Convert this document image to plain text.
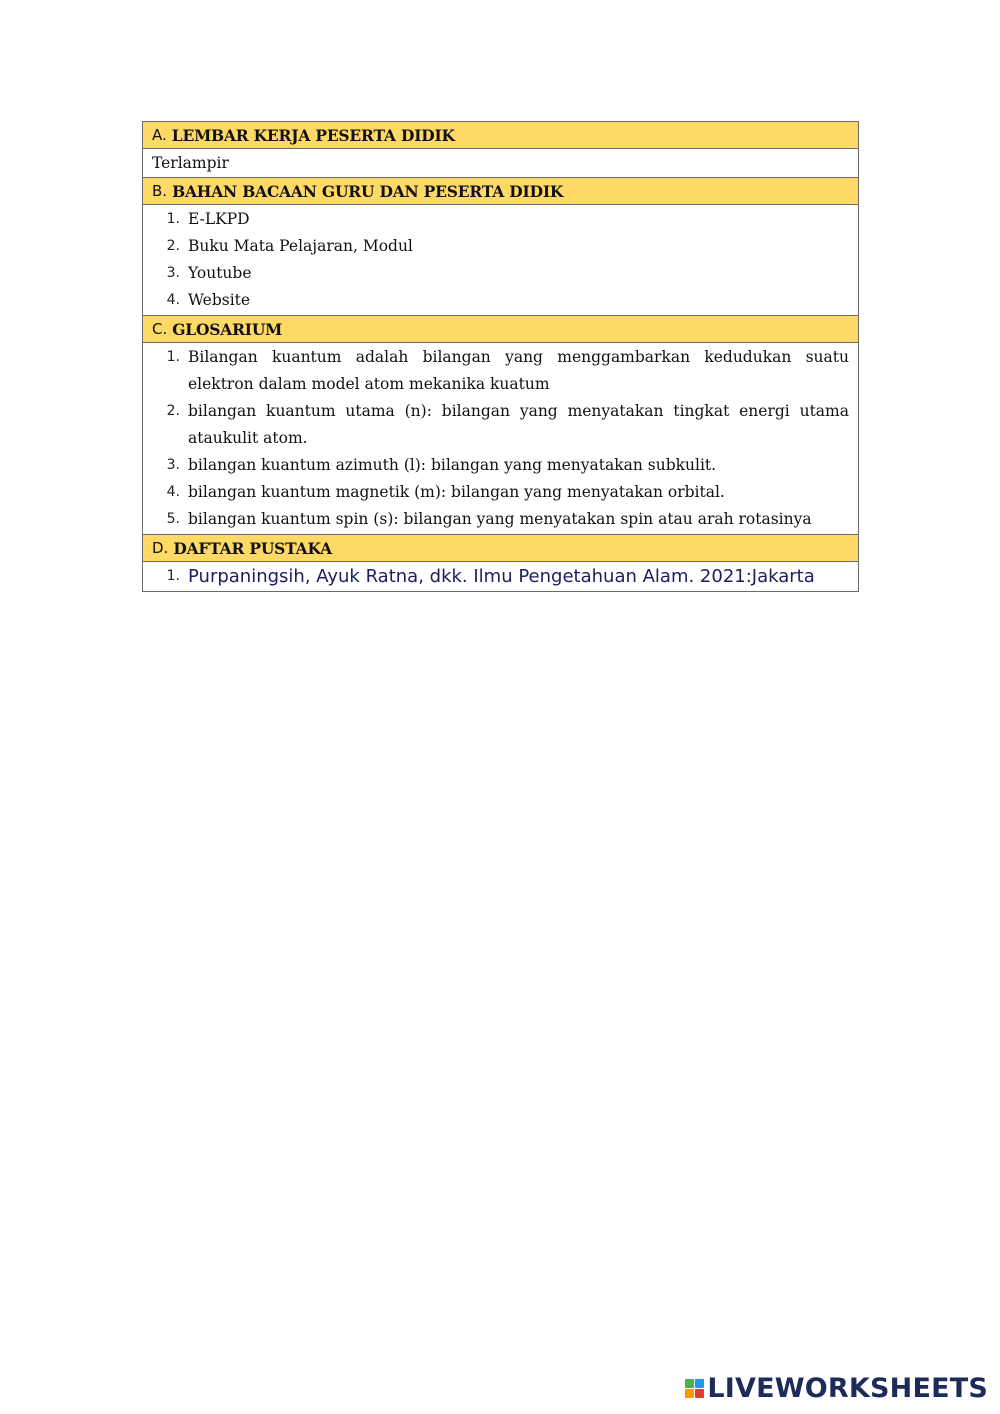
A. LEMBAR KERJA PESERTA DIDIK
Terlampir
B. BAHAN BACAAN GURU DAN PESERTA DIDIK
1. E-LKPD
2. Buku Mata Pelajaran, Modul
3. Youtube
4. Website
C. GLOSARIUM
1. Bilangan kuantum adalah bilangan yang menggambarkan kedudukan suatu elektron dalam model atom mekanika kuatum
2. bilangan kuantum utama (n): bilangan yang menyatakan tingkat energi utama ataukulit atom.
3. bilangan kuantum azimuth (l): bilangan yang menyatakan subkulit.
4. bilangan kuantum magnetik (m): bilangan yang menyatakan orbital.
5. bilangan kuantum spin (s): bilangan yang menyatakan spin atau arah rotasinya
D. DAFTAR PUSTAKA
1. Purpaningsih, Ayuk Ratna, dkk. Ilmu Pengetahuan Alam. 2021:Jakarta
LIVEWORKSHEETS
